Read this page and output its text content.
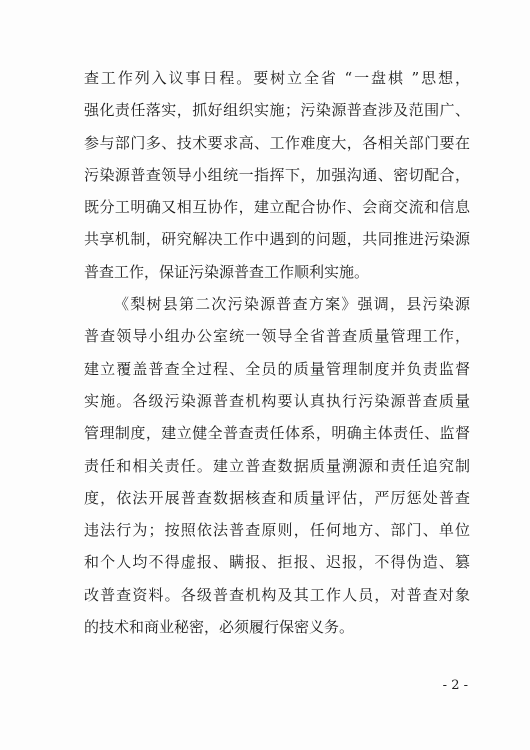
查工作列入议事日程。要树立全省 “一盘棋 ”思想，
强化责任落实，抓好组织实施；污染源普查涉及范围广、
参与部门多、技术要求高、工作难度大，各相关部门要在
污染源普查领导小组统一指挥下，加强沟通、密切配合，
既分工明确又相互协作，建立配合协作、会商交流和信息
共享机制，研究解决工作中遇到的问题，共同推进污染源
普查工作，保证污染源普查工作顺利实施。
《梨树县第二次污染源普查方案》强调，县污染源
普查领导小组办公室统一领导全省普查质量管理工作，
建立覆盖普查全过程、全员的质量管理制度并负责监督
实施。各级污染源普查机构要认真执行污染源普查质量
管理制度，建立健全普查责任体系，明确主体责任、监督
责任和相关责任。建立普查数据质量溯源和责任追究制
度，依法开展普查数据核查和质量评估，严厉惩处普查
违法行为；按照依法普查原则，任何地方、部门、单位
和个人均不得虚报、瞒报、拒报、迟报，不得伪造、篡
改普查资料。各级普查机构及其工作人员，对普查对象
的技术和商业秘密，必须履行保密义务。
- 2 -
